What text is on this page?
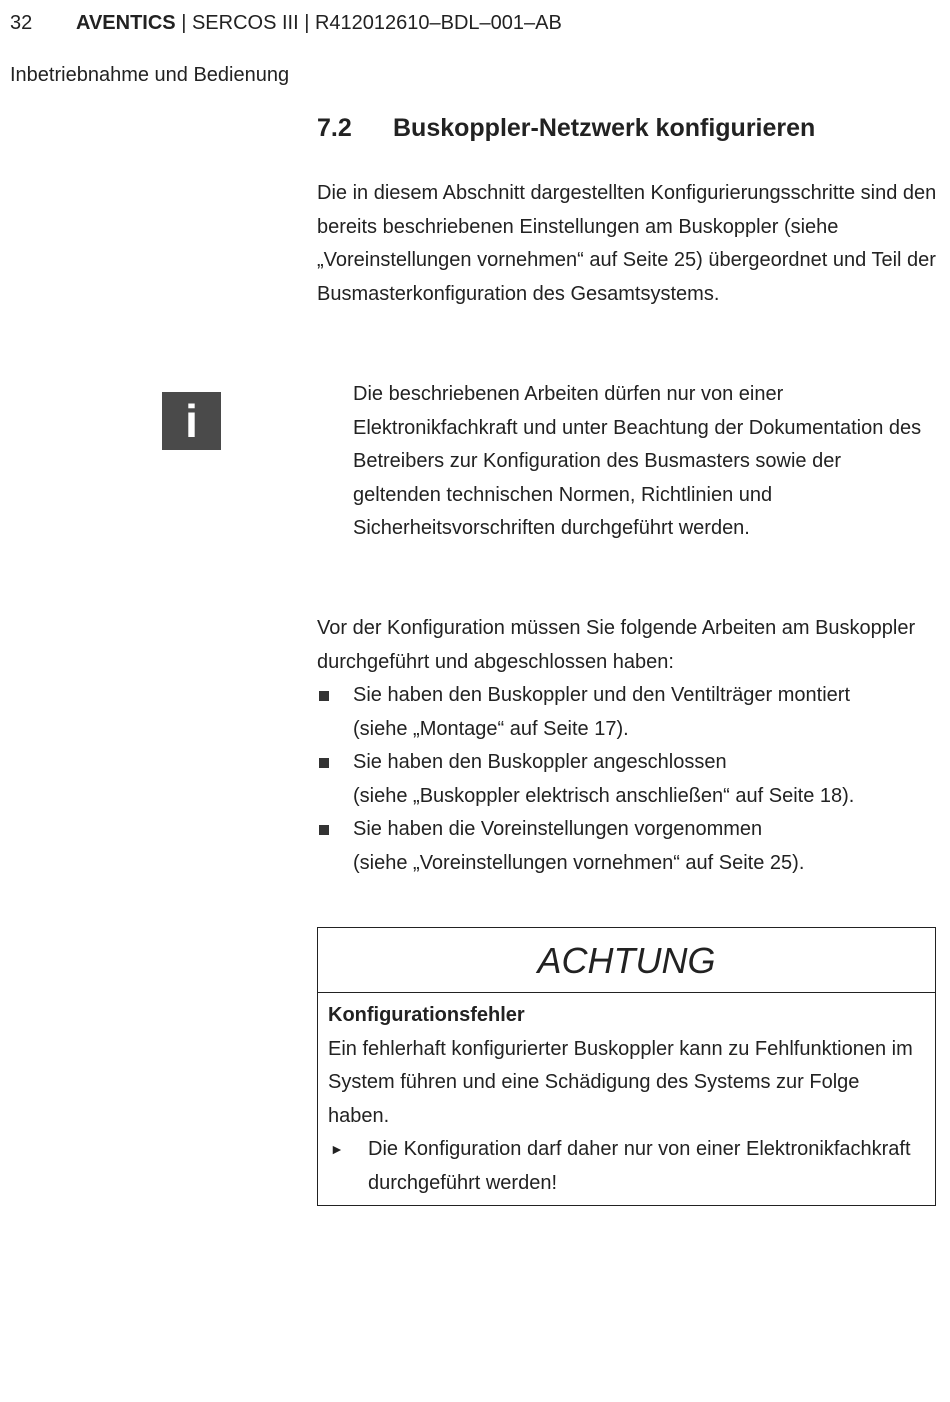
32 AVENTICS | SERCOS III | R412012610–BDL–001–AB
Inbetriebnahme und Bedienung
7.2 Buskoppler-Netzwerk konfigurieren
Die in diesem Abschnitt dargestellten Konfigurierungsschritte sind den bereits beschriebenen Einstellungen am Buskoppler (siehe „Voreinstellungen vornehmen“ auf Seite 25) übergeordnet und Teil der Busmasterkonfiguration des Gesamtsystems.
i
Die beschriebenen Arbeiten dürfen nur von einer Elektronikfachkraft und unter Beachtung der Dokumentation des Betreibers zur Konfiguration des Busmasters sowie der geltenden technischen Normen, Richtlinien und Sicherheitsvorschriften durchgeführt werden.
Vor der Konfiguration müssen Sie folgende Arbeiten am Buskoppler durchgeführt und abgeschlossen haben:
Sie haben den Buskoppler und den Ventilträger montiert
(siehe „Montage“ auf Seite 17).
Sie haben den Buskoppler angeschlossen
(siehe „Buskoppler elektrisch anschließen“ auf Seite 18).
Sie haben die Voreinstellungen vorgenommen
(siehe „Voreinstellungen vornehmen“ auf Seite 25).
ACHTUNG
Konfigurationsfehler
Ein fehlerhaft konfigurierter Buskoppler kann zu Fehlfunktionen im System führen und eine Schädigung des Systems zur Folge haben.
► Die Konfiguration darf daher nur von einer Elektronikfachkraft durchgeführt werden!
